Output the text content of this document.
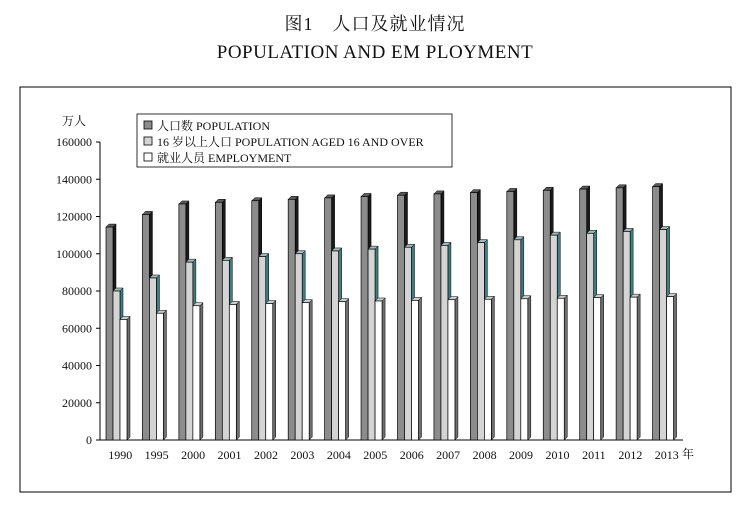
图1　人口及就业情况
POPULATION AND EM PLOYMENT
万人
年
0
20000
40000
60000
80000
100000
120000
140000
160000
1990 1995 2000 2001 2002 2003 2004 2005 2006 2007 2008 2009 2010 2011 2012 2013
人口数 POPULATION
16 岁以上人口 POPULATION AGED 16 AND OVER
就业人员 EMPLOYMENT
